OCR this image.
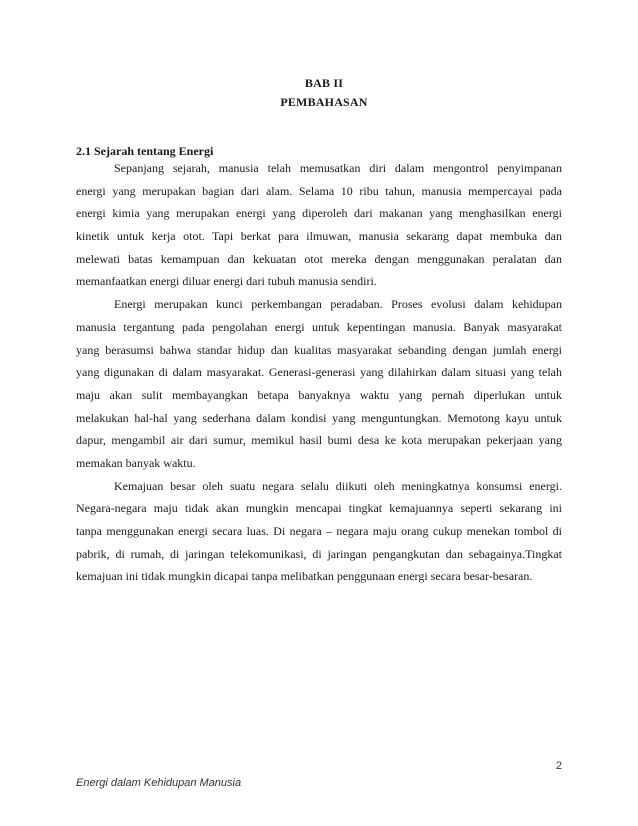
BAB II
PEMBAHASAN
2.1 Sejarah tentang Energi
Sepanjang sejarah, manusia telah memusatkan diri dalam mengontrol penyimpanan
energi yang merupakan bagian dari alam. Selama 10 ribu tahun, manusia mempercayai pada
energi kimia yang merupakan energi yang diperoleh dari makanan yang menghasilkan energi
kinetik untuk kerja otot. Tapi berkat para ilmuwan, manusia sekarang dapat membuka dan
melewati batas kemampuan dan kekuatan otot mereka dengan menggunakan peralatan dan
memanfaatkan energi diluar energi dari tubuh manusia sendiri.
Energi merupakan kunci perkembangan peradaban. Proses evolusi dalam kehidupan
manusia tergantung pada pengolahan energi untuk kepentingan manusia. Banyak masyarakat
yang berasumsi bahwa standar hidup dan kualitas masyarakat sebanding dengan jumlah energi
yang digunakan di dalam masyarakat. Generasi-generasi yang dilahirkan dalam situasi yang telah
maju akan sulit membayangkan betapa banyaknya waktu yang pernah diperlukan untuk
melakukan hal-hal yang sederhana dalam kondisi yang menguntungkan. Memotong kayu untuk
dapur, mengambil air dari sumur, memikul hasil bumi desa ke kota merupakan pekerjaan yang
memakan banyak waktu.
Kemajuan besar oleh suatu negara selalu diikuti oleh meningkatnya konsumsi energi.
Negara-negara maju tidak akan mungkin mencapai tingkat kemajuannya seperti sekarang ini
tanpa menggunakan energi secara luas. Di negara – negara maju orang cukup menekan tombol di
pabrik, di rumah, di jaringan telekomunikasi, di jaringan pengangkutan dan sebagainya.Tingkat
kemajuan ini tidak mungkin dicapai tanpa melibatkan penggunaan energi secara besar-besaran.
2
Energi dalam Kehidupan Manusia
